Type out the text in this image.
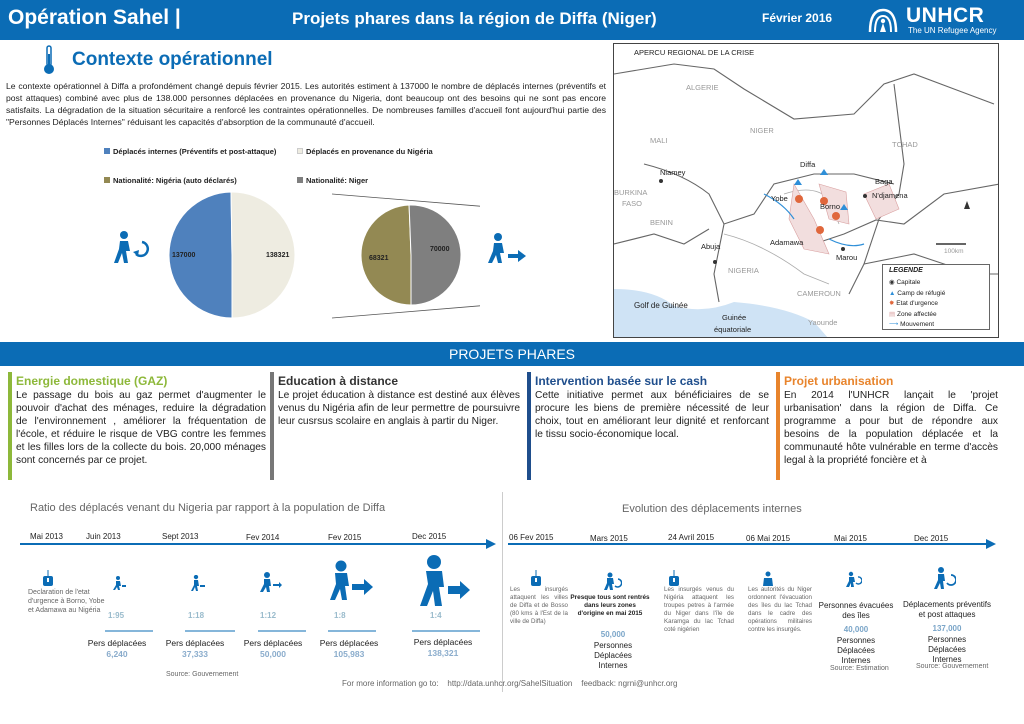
Opération Sahel |	Projets phares dans la région de Diffa (Niger)	Février 2016	UNHCR
The UN Refugee Agency
Contexte opérationnel
Le contexte opérationnel à Diffa a profondément changé depuis février 2015. Les autorités estiment à 137000 le nombre de déplacés internes (préventifs et post attaques) combiné avec plus de 138.000 personnes déplacées en provenance du Nigeria, dont beaucoup ont des besoins qui ne sont pas encore satisfaits. La dégradation de la situation sécuritaire a renforcé les contraintes opérationnelles. De nombreuses familles d'accueil font aujourd'hui partie des "Personnes Déplacés Internes" réduisant les capacités d'absorption de la communauté d'accueil.
Déplacés internes (Préventifs et post-attaque)	Déplacés en provenance du Nigéria
Nationalité: Nigéria (auto déclarés)	Nationalité: Niger
137000	138321	68321
70000
APERCU REGIONAL DE LA CRISE
ALGERIE
MALI
NIGER
TCHAD
BURKINA
FASO
BENIN
NIGERIA
CAMEROUN
Niamey
Diffa
Yobe
Borno
Baga
N'djamena
Adamawa
Abuja
Marou
Yaounde
Golf de Guinée
Guinée
équatoriale
100km
LEGENDE
◉ Capitale
▲ Camp de réfugié
✸ Etat d'urgence
▤ Zone affectée
⟶ Mouvement
PROJETS PHARES
Energie domestique (GAZ)

Le passage du bois au gaz permet d'augmenter le pouvoir d'achat des ménages, reduire la dégradation de l'environnement , améliorer la fréquentation de l'école, et réduire le risque de VBG contre les femmes et les filles lors de la collecte du bois. 20,000 ménages sont concernés par ce projet.

Education à distance

Le projet éducation à distance est destiné aux élèves venus du Nigéria afin de leur permettre de poursuivre leur cusrsus scolaire en anglais à partir du Niger.

Intervention basée sur le cash

Cette initiative permet aux bénéficiaires de se procure les biens de première nécessité de leur choix, tout en améliorant leur dignité et renforcant le tissu socio-économique local.

Projet urbanisation

En 2014 l'UNHCR lançait le 'projet urbanisation' dans la région de Diffa. Ce programme a pour but de répondre aux besoins de la population déplacée et la communauté hôte vulnérable en terme d'accès legal à la propriété foncière et à

Ratio des déplacés venant du Nigeria par rapport à la population de Diffa
Mai 2013	Juin 2013	Sept 2013	Fev 2014	Fev 2015	Dec 2015
Declaration de l'etat d'urgence à Borno, Yobe et Adamawa au Nigéria
1:95	1:18	1:12	1:8	1:4
Pers déplacées	Pers déplacées	Pers déplacées	Pers déplacées	Pers déplacées
6,240	37,333	50,000	105,983	138,321
Source: Gouvernement
Evolution des déplacements internes
06 Fev 2015	Mars 2015	24 Avril 2015	06 Mai 2015	Mai 2015	Dec 2015
Les insurgés attaquent les villes de Diffa et de Bosso (80 kms à l'Est de la ville de Diffa)
Presque tous sont rentrés dans leurs zones d'origine en mai 2015
Les insurgés venus du Nigéria attaquent les troupes petres à l'armée du Niger dans l'île de Karamga du lac Tchad coté nigérien
Les autorités du Niger ordonnent l'évacuation des îles du lac Tchad dans le cadre des opérations militaires contre les insurgés.
50,000
Personnes Déplacées Internes
Personnes évacuées des îles
40,000
Personnes Déplacées Internes
Source: Estimation
Déplacements préventifs et post attaques
137,000
Personnes Déplacées Internes
Source: Gouvernement
For more information go to:    http://data.unhcr.org/SahelSituation    feedback: ngrni@unhcr.org
